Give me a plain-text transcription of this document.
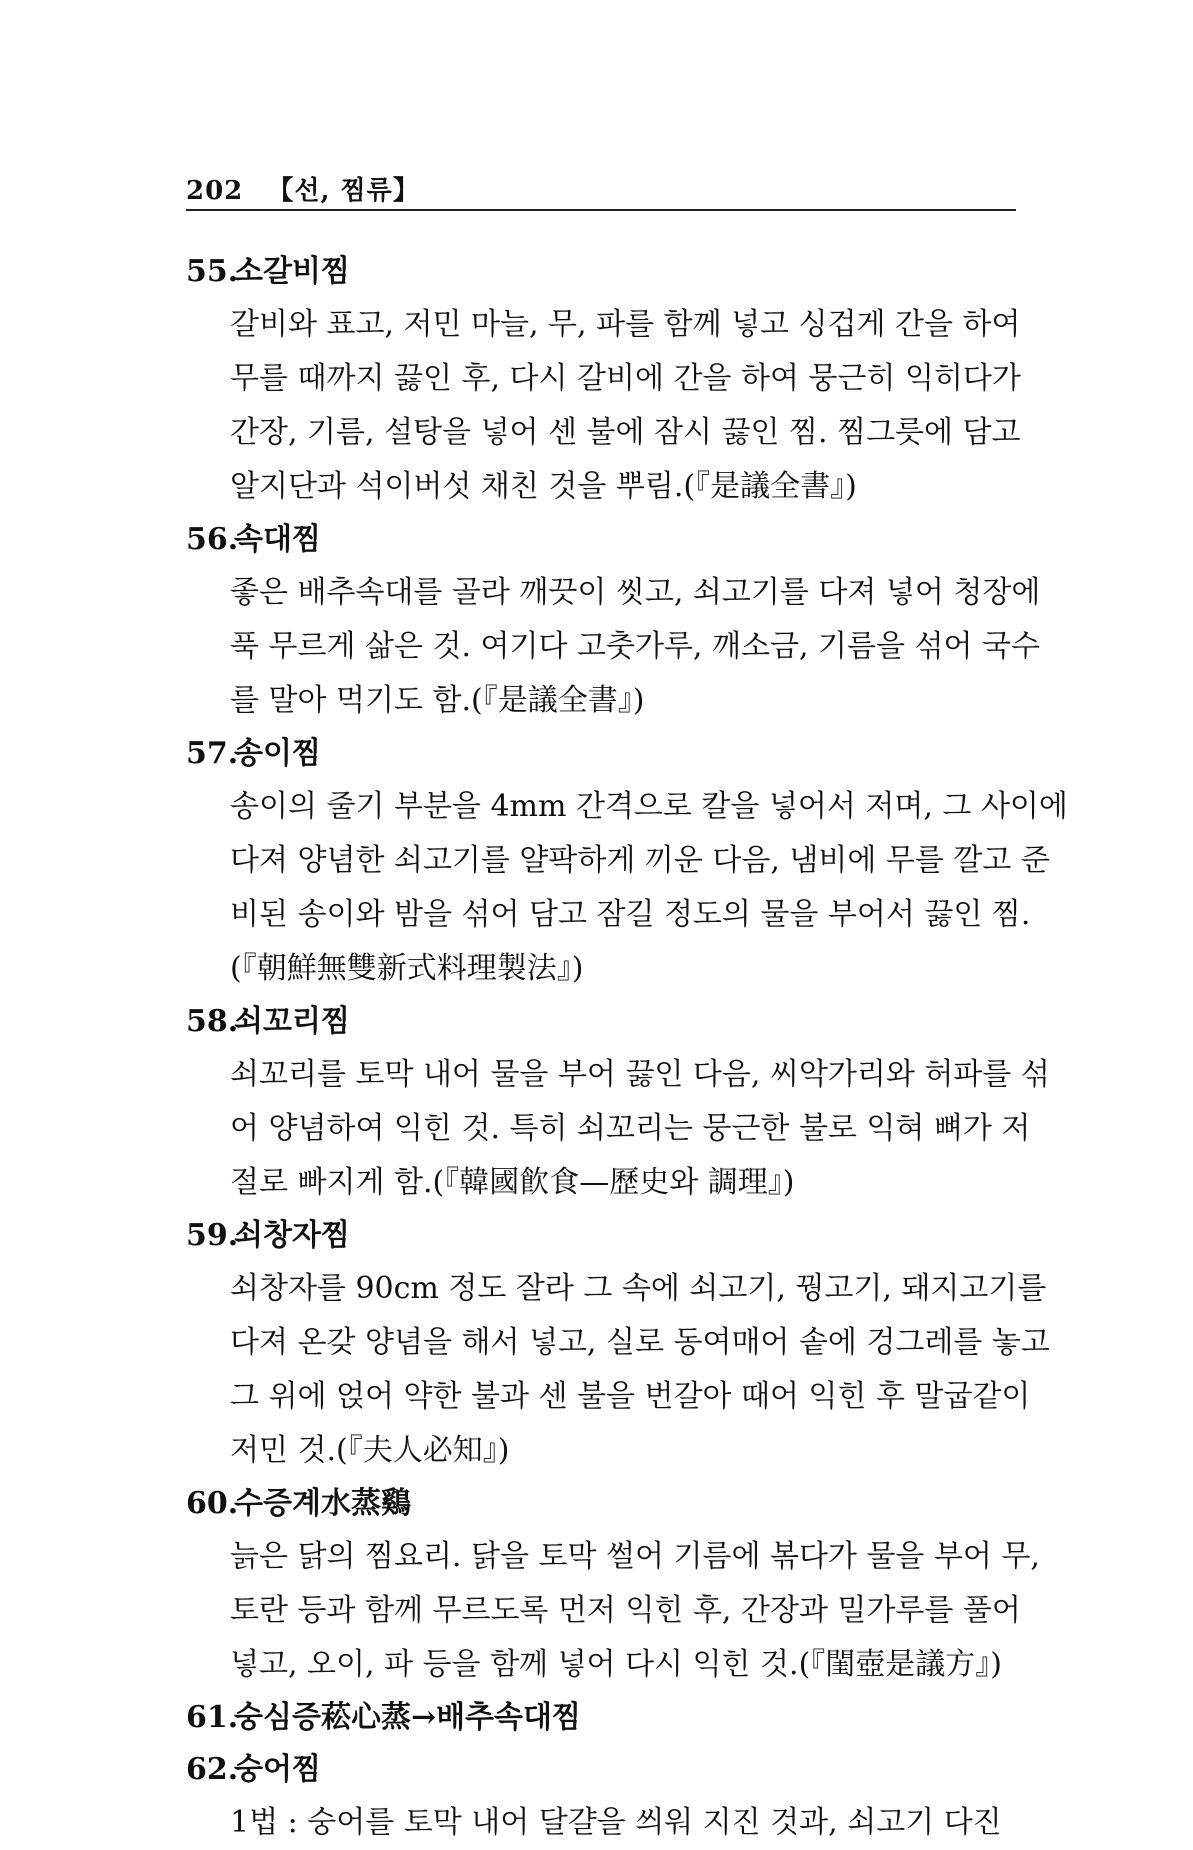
202 【선, 찜류】
55.소갈비찜
갈비와 표고, 저민 마늘, 무, 파를 함께 넣고 싱겁게 간을 하여
무를 때까지 끓인 후, 다시 갈비에 간을 하여 뭉근히 익히다가
간장, 기름, 설탕을 넣어 센 불에 잠시 끓인 찜. 찜그릇에 담고
알지단과 석이버섯 채친 것을 뿌림.(『是議全書』)
56.속대찜
좋은 배추속대를 골라 깨끗이 씻고, 쇠고기를 다져 넣어 청장에
푹 무르게 삶은 것. 여기다 고춧가루, 깨소금, 기름을 섞어 국수
를 말아 먹기도 함.(『是議全書』)
57.송이찜
송이의 줄기 부분을 4mm 간격으로 칼을 넣어서 저며, 그 사이에
다져 양념한 쇠고기를 얄팍하게 끼운 다음, 냄비에 무를 깔고 준
비된 송이와 밤을 섞어 담고 잠길 정도의 물을 부어서 끓인 찜.
(『朝鮮無雙新式料理製法』)
58.쇠꼬리찜
쇠꼬리를 토막 내어 물을 부어 끓인 다음, 씨악가리와 허파를 섞
어 양념하여 익힌 것. 특히 쇠꼬리는 뭉근한 불로 익혀 뼈가 저
절로 빠지게 함.(『韓國飮食—歷史와 調理』)
59.쇠창자찜
쇠창자를 90cm 정도 잘라 그 속에 쇠고기, 꿩고기, 돼지고기를
다져 온갖 양념을 해서 넣고, 실로 동여매어 솥에 겅그레를 놓고
그 위에 얹어 약한 불과 센 불을 번갈아 때어 익힌 후 말굽같이
저민 것.(『夫人必知』)
60.수증계水蒸鷄
늙은 닭의 찜요리. 닭을 토막 썰어 기름에 볶다가 물을 부어 무,
토란 등과 함께 무르도록 먼저 익힌 후, 간장과 밀가루를 풀어
넣고, 오이, 파 등을 함께 넣어 다시 익힌 것.(『閨壺是議方』)
61.숭심증菘心蒸→배추속대찜
62.숭어찜
1법 : 숭어를 토막 내어 달걀을 씌워 지진 것과, 쇠고기 다진
